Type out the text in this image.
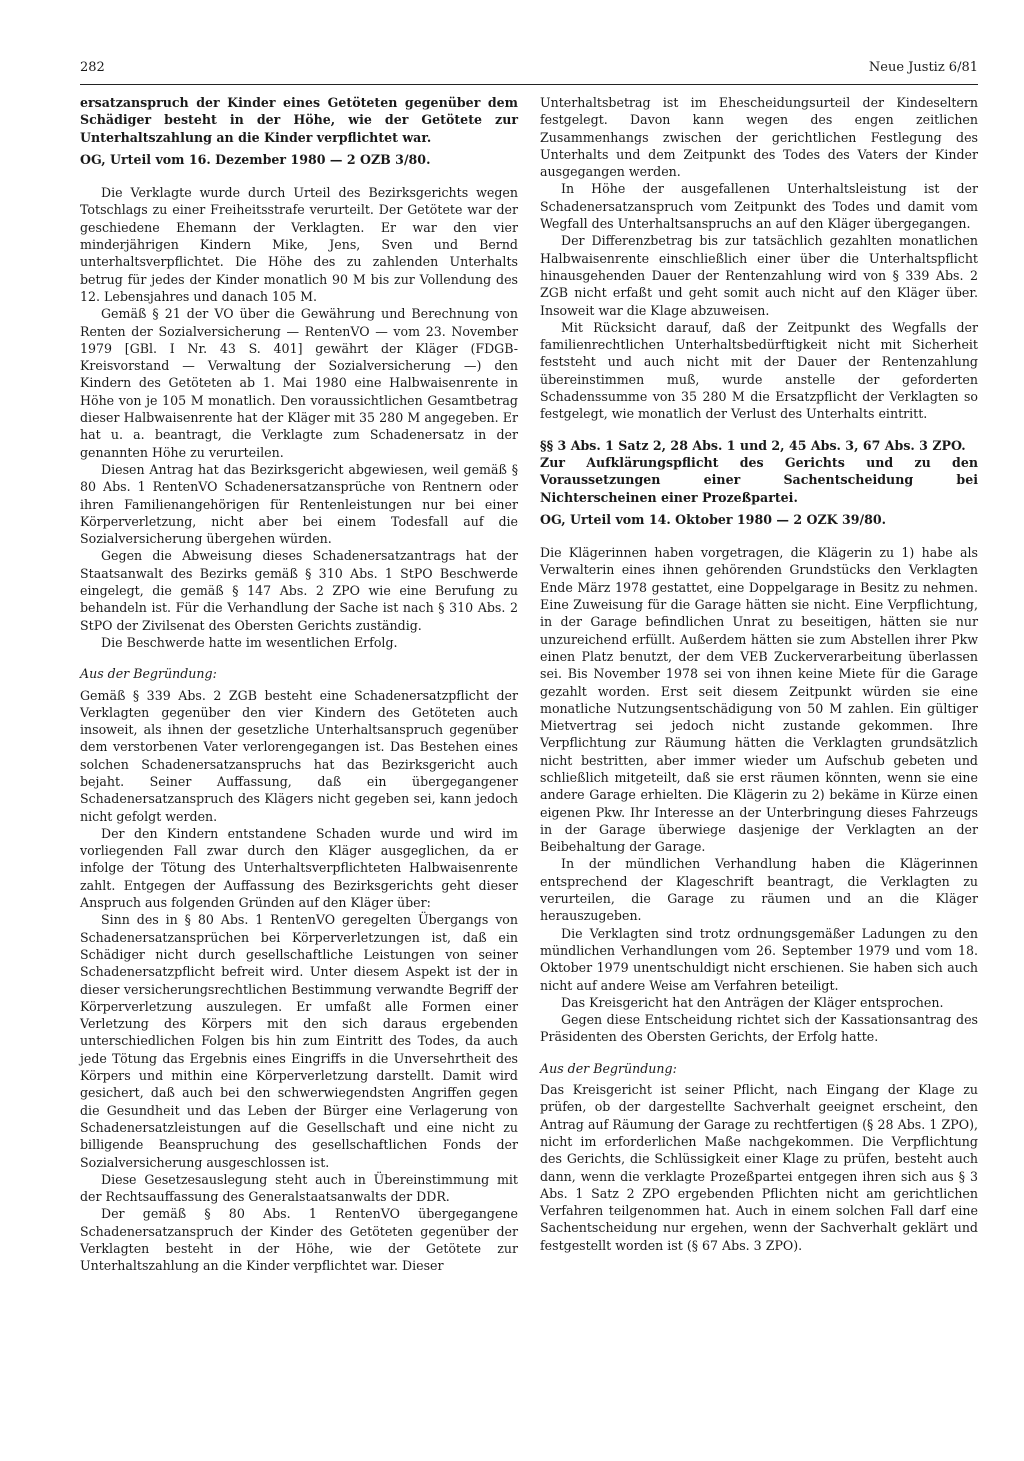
282	Neue Justiz 6/81

ersatzanspruch der Kinder eines Getöteten gegenüber dem Schädiger besteht in der Höhe, wie der Getötete zur Unterhaltszahlung an die Kinder verpflichtet war.

OG, Urteil vom 16. Dezember 1980 — 2 OZB 3/80.

Die Verklagte wurde durch Urteil des Bezirksgerichts wegen Totschlags zu einer Freiheitsstrafe verurteilt. Der Getötete war der geschiedene Ehemann der Verklagten. Er war den vier minderjährigen Kindern Mike, Jens, Sven und Bernd unterhaltsverpflichtet. Die Höhe des zu zahlenden Unterhalts betrug für jedes der Kinder monatlich 90 M bis zur Vollendung des 12. Lebensjahres und danach 105 M.

Gemäß § 21 der VO über die Gewährung und Berechnung von Renten der Sozialversicherung — RentenVO — vom 23. November 1979 [GBl. I Nr. 43 S. 401] gewährt der Kläger (FDGB-Kreisvorstand — Verwaltung der Sozialversicherung —) den Kindern des Getöteten ab 1. Mai 1980 eine Halbwaisenrente in Höhe von je 105 M monatlich. Den voraussichtlichen Gesamtbetrag dieser Halbwaisenrente hat der Kläger mit 35 280 M angegeben. Er hat u. a. beantragt, die Verklagte zum Schadenersatz in der genannten Höhe zu verurteilen.

Diesen Antrag hat das Bezirksgericht abgewiesen, weil gemäß § 80 Abs. 1 RentenVO Schadenersatzansprüche von Rentnern oder ihren Familienangehörigen für Rentenleistungen nur bei einer Körperverletzung, nicht aber bei einem Todesfall auf die Sozialversicherung übergehen würden.

Gegen die Abweisung dieses Schadenersatzantrags hat der Staatsanwalt des Bezirks gemäß § 310 Abs. 1 StPO Beschwerde eingelegt, die gemäß § 147 Abs. 2 ZPO wie eine Berufung zu behandeln ist. Für die Verhandlung der Sache ist nach § 310 Abs. 2 StPO der Zivilsenat des Obersten Gerichts zuständig.

Die Beschwerde hatte im wesentlichen Erfolg.

Aus der Begründung:

Gemäß § 339 Abs. 2 ZGB besteht eine Schadenersatzpflicht der Verklagten gegenüber den vier Kindern des Getöteten auch insoweit, als ihnen der gesetzliche Unterhaltsanspruch gegenüber dem verstorbenen Vater verlorengegangen ist. Das Bestehen eines solchen Schadenersatzanspruchs hat das Bezirksgericht auch bejaht. Seiner Auffassung, daß ein übergegangener Schadenersatzanspruch des Klägers nicht gegeben sei, kann jedoch nicht gefolgt werden.

Der den Kindern entstandene Schaden wurde und wird im vorliegenden Fall zwar durch den Kläger ausgeglichen, da er infolge der Tötung des Unterhaltsverpflichteten Halbwaisenrente zahlt. Entgegen der Auffassung des Bezirksgerichts geht dieser Anspruch aus folgenden Gründen auf den Kläger über:

Sinn des in § 80 Abs. 1 RentenVO geregelten Übergangs von Schadenersatzansprüchen bei Körperverletzungen ist, daß ein Schädiger nicht durch gesellschaftliche Leistungen von seiner Schadenersatzpflicht befreit wird. Unter diesem Aspekt ist der in dieser versicherungsrechtlichen Bestimmung verwandte Begriff der Körperverletzung auszulegen. Er umfaßt alle Formen einer Verletzung des Körpers mit den sich daraus ergebenden unterschiedlichen Folgen bis hin zum Eintritt des Todes, da auch jede Tötung das Ergebnis eines Eingriffs in die Unversehrtheit des Körpers und mithin eine Körperverletzung darstellt. Damit wird gesichert, daß auch bei den schwerwiegendsten Angriffen gegen die Gesundheit und das Leben der Bürger eine Verlagerung von Schadenersatzleistungen auf die Gesellschaft und eine nicht zu billigende Beanspruchung des gesellschaftlichen Fonds der Sozialversicherung ausgeschlossen ist.

Diese Gesetzesauslegung steht auch in Übereinstimmung mit der Rechtsauffassung des Generalstaatsanwalts der DDR.

Der gemäß § 80 Abs. 1 RentenVO übergegangene Schadenersatzanspruch der Kinder des Getöteten gegenüber der Verklagten besteht in der Höhe, wie der Getötete zur Unterhaltszahlung an die Kinder verpflichtet war. Dieser

Unterhaltsbetrag ist im Ehescheidungsurteil der Kindeseltern festgelegt. Davon kann wegen des engen zeitlichen Zusammenhangs zwischen der gerichtlichen Festlegung des Unterhalts und dem Zeitpunkt des Todes des Vaters der Kinder ausgegangen werden.

In Höhe der ausgefallenen Unterhaltsleistung ist der Schadenersatzanspruch vom Zeitpunkt des Todes und damit vom Wegfall des Unterhaltsanspruchs an auf den Kläger übergegangen.

Der Differenzbetrag bis zur tatsächlich gezahlten monatlichen Halbwaisenrente einschließlich einer über die Unterhaltspflicht hinausgehenden Dauer der Rentenzahlung wird von § 339 Abs. 2 ZGB nicht erfaßt und geht somit auch nicht auf den Kläger über. Insoweit war die Klage abzuweisen.

Mit Rücksicht darauf, daß der Zeitpunkt des Wegfalls der familienrechtlichen Unterhaltsbedürftigkeit nicht mit Sicherheit feststeht und auch nicht mit der Dauer der Rentenzahlung übereinstimmen muß, wurde anstelle der geforderten Schadenssumme von 35 280 M die Ersatzpflicht der Verklagten so festgelegt, wie monatlich der Verlust des Unterhalts eintritt.

§§ 3 Abs. 1 Satz 2, 28 Abs. 1 und 2, 45 Abs. 3, 67 Abs. 3 ZPO.

Zur Aufklärungspflicht des Gerichts und zu den Voraussetzungen einer Sachentscheidung bei Nichterscheinen einer Prozeßpartei.

OG, Urteil vom 14. Oktober 1980 — 2 OZK 39/80.

Die Klägerinnen haben vorgetragen, die Klägerin zu 1) habe als Verwalterin eines ihnen gehörenden Grundstücks den Verklagten Ende März 1978 gestattet, eine Doppelgarage in Besitz zu nehmen. Eine Zuweisung für die Garage hätten sie nicht. Eine Verpflichtung, in der Garage befindlichen Unrat zu beseitigen, hätten sie nur unzureichend erfüllt. Außerdem hätten sie zum Abstellen ihrer Pkw einen Platz benutzt, der dem VEB Zuckerverarbeitung überlassen sei. Bis November 1978 sei von ihnen keine Miete für die Garage gezahlt worden. Erst seit diesem Zeitpunkt würden sie eine monatliche Nutzungsentschädigung von 50 M zahlen. Ein gültiger Mietvertrag sei jedoch nicht zustande gekommen. Ihre Verpflichtung zur Räumung hätten die Verklagten grundsätzlich nicht bestritten, aber immer wieder um Aufschub gebeten und schließlich mitgeteilt, daß sie erst räumen könnten, wenn sie eine andere Garage erhielten. Die Klägerin zu 2) bekäme in Kürze einen eigenen Pkw. Ihr Interesse an der Unterbringung dieses Fahrzeugs in der Garage überwiege dasjenige der Verklagten an der Beibehaltung der Garage.

In der mündlichen Verhandlung haben die Klägerinnen entsprechend der Klageschrift beantragt, die Verklagten zu verurteilen, die Garage zu räumen und an die Kläger herauszugeben.

Die Verklagten sind trotz ordnungsgemäßer Ladungen zu den mündlichen Verhandlungen vom 26. September 1979 und vom 18. Oktober 1979 unentschuldigt nicht erschienen. Sie haben sich auch nicht auf andere Weise am Verfahren beteiligt.

Das Kreisgericht hat den Anträgen der Kläger entsprochen.

Gegen diese Entscheidung richtet sich der Kassationsantrag des Präsidenten des Obersten Gerichts, der Erfolg hatte.

Aus der Begründung:

Das Kreisgericht ist seiner Pflicht, nach Eingang der Klage zu prüfen, ob der dargestellte Sachverhalt geeignet erscheint, den Antrag auf Räumung der Garage zu rechtfertigen (§ 28 Abs. 1 ZPO), nicht im erforderlichen Maße nachgekommen. Die Verpflichtung des Gerichts, die Schlüssigkeit einer Klage zu prüfen, besteht auch dann, wenn die verklagte Prozeßpartei entgegen ihren sich aus § 3 Abs. 1 Satz 2 ZPO ergebenden Pflichten nicht am gerichtlichen Verfahren teilgenommen hat. Auch in einem solchen Fall darf eine Sachentscheidung nur ergehen, wenn der Sachverhalt geklärt und festgestellt worden ist (§ 67 Abs. 3 ZPO).
